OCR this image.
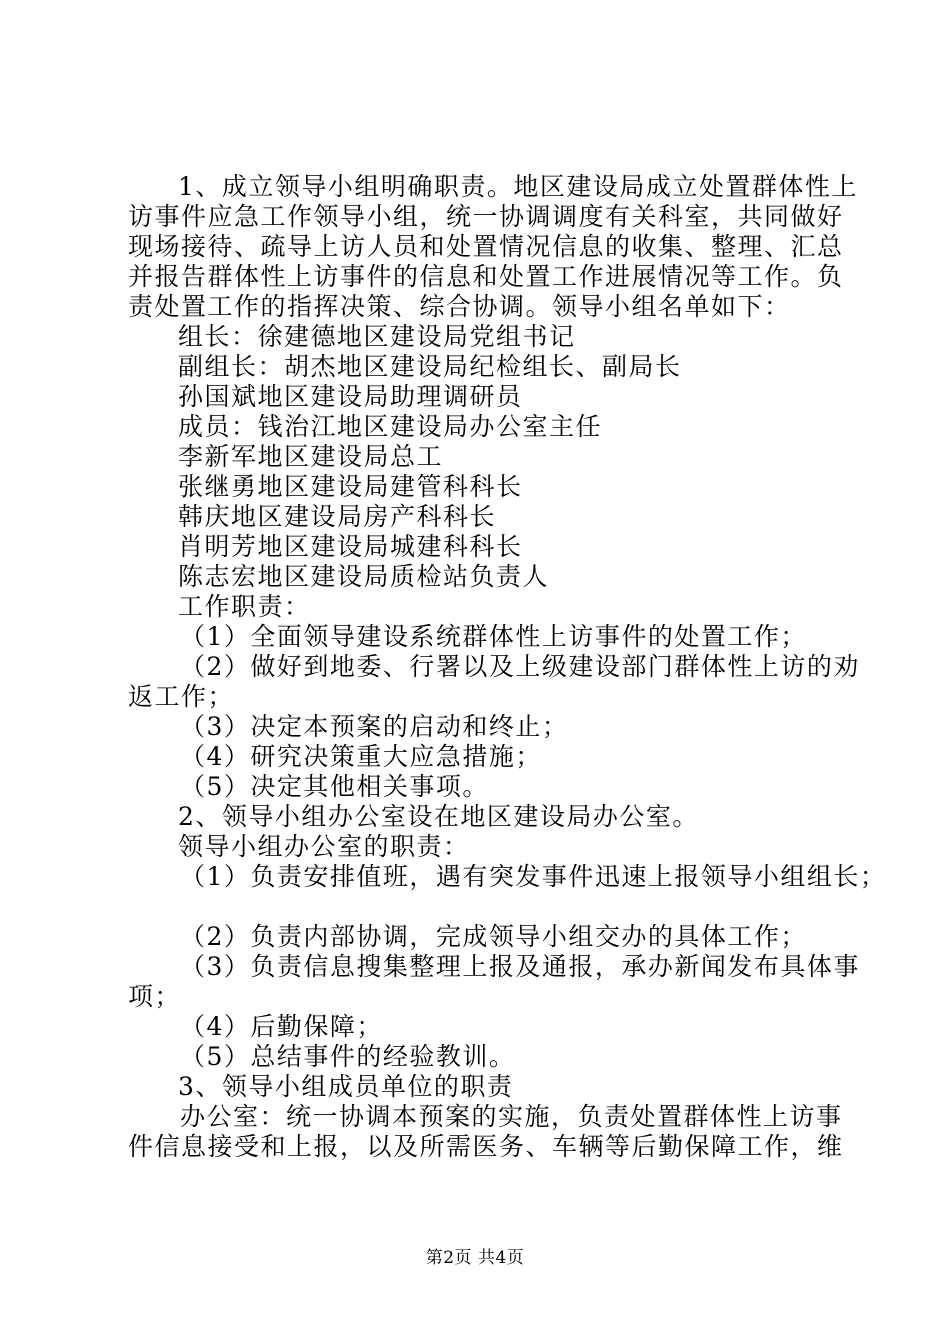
1、成立领导小组明确职责。地区建设局成立处置群体性上

访事件应急工作领导小组，统一协调调度有关科室，共同做好

现场接待、疏导上访人员和处置情况信息的收集、整理、汇总

并报告群体性上访事件的信息和处置工作进展情况等工作。负

责处置工作的指挥决策、综合协调。领导小组名单如下：

组长：徐建德地区建设局党组书记

副组长：胡杰地区建设局纪检组长、副局长

孙国斌地区建设局助理调研员

成员：钱治江地区建设局办公室主任

李新军地区建设局总工

张继勇地区建设局建管科科长

韩庆地区建设局房产科科长

肖明芳地区建设局城建科科长

陈志宏地区建设局质检站负责人

工作职责：

（1）全面领导建设系统群体性上访事件的处置工作；

（2）做好到地委、行署以及上级建设部门群体性上访的劝

返工作；

（3）决定本预案的启动和终止；

（4）研究决策重大应急措施；

（5）决定其他相关事项。

2、领导小组办公室设在地区建设局办公室。

领导小组办公室的职责：

（1）负责安排值班，遇有突发事件迅速上报领导小组组长；

（2）负责内部协调，完成领导小组交办的具体工作；

（3）负责信息搜集整理上报及通报，承办新闻发布具体事

项；

（4）后勤保障；

（5）总结事件的经验教训。

3、领导小组成员单位的职责

办公室：统一协调本预案的实施，负责处置群体性上访事

件信息接受和上报，以及所需医务、车辆等后勤保障工作，维

第2页 共4页
